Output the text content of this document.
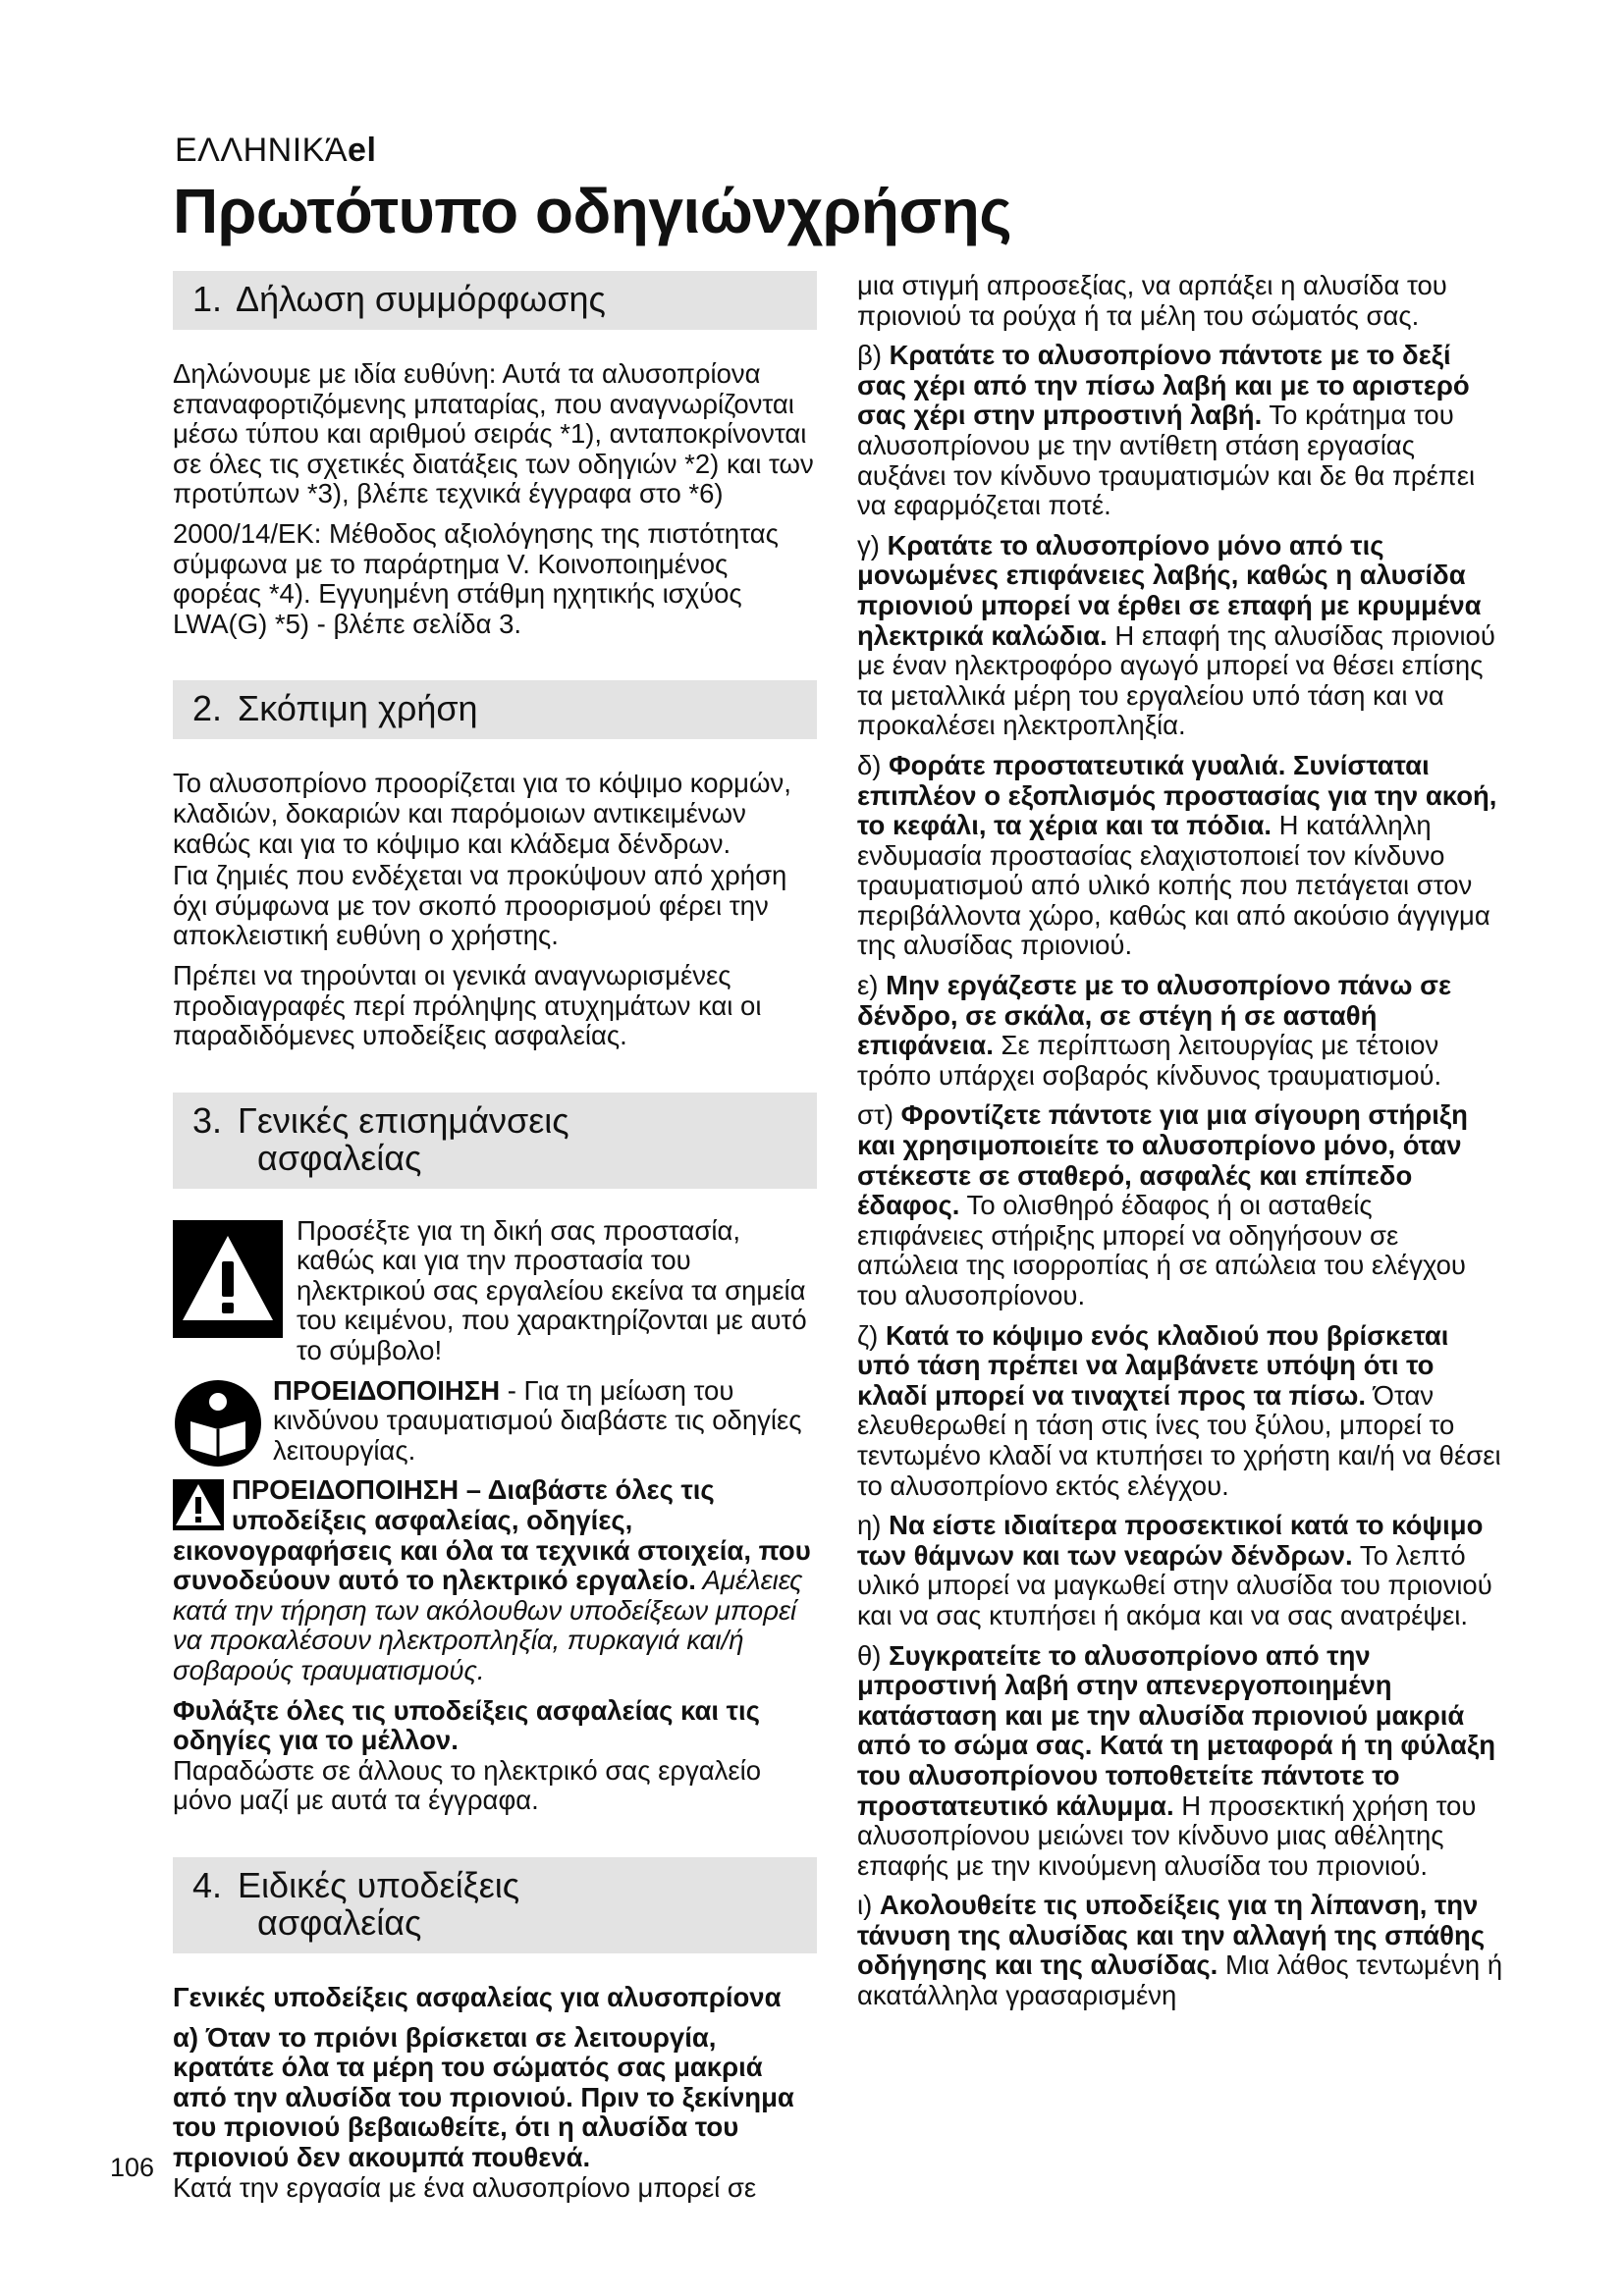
ΕΛΛΗΝΙΚΆel
Πρωτότυπο οδηγιώνχρήσης
1. Δήλωση συμμόρφωσης

Δηλώνουμε με ιδία ευθύνη: Αυτά τα αλυσοπρίονα επαναφορτιζόμενης μπαταρίας, που αναγνωρίζονται μέσω τύπου και αριθμού σειράς *1), ανταποκρίνονται σε όλες τις σχετικές διατάξεις των οδηγιών *2) και των προτύπων *3), βλέπε τεχνικά έγγραφα στο *6)

2000/14/ΕΚ: Μέθοδος αξιολόγησης της πιστότητας σύμφωνα με το παράρτημα V. Κοινοποιημένος φορέας *4). Εγγυημένη στάθμη ηχητικής ισχύος LWA(G) *5) - βλέπε σελίδα 3.

2. Σκόπιμη χρήση

Το αλυσοπρίονο προορίζεται για το κόψιμο κορμών, κλαδιών, δοκαριών και παρόμοιων αντικειμένων καθώς και για το κόψιμο και κλάδεμα δένδρων.

Για ζημιές που ενδέχεται να προκύψουν από χρήση όχι σύμφωνα με τον σκοπό προορισμού φέρει την αποκλειστική ευθύνη ο χρήστης.

Πρέπει να τηρούνται οι γενικά αναγνωρισμένες προδιαγραφές περί πρόληψης ατυχημάτων και οι παραδιδόμενες υποδείξεις ασφαλείας.

3. Γενικές επισημάνσεις
ασφαλείας

Προσέξτε για τη δική σας προστασία, καθώς και για την προστασία του ηλεκτρικού σας εργαλείου εκείνα τα σημεία του κειμένου, που χαρακτηρίζονται με αυτό το σύμβολο!

ΠΡΟΕΙΔΟΠΟΙΗΣΗ - Για τη μείωση του κινδύνου τραυματισμού διαβάστε τις οδηγίες λειτουργίας.

ΠΡΟΕΙΔΟΠΟΙΗΣΗ – Διαβάστε όλες τις υποδείξεις ασφαλείας, οδηγίες, εικονογραφήσεις και όλα τα τεχνικά στοιχεία, που συνοδεύουν αυτό το ηλεκτρικό εργαλείο. Αμέλειες κατά την τήρηση των ακόλουθων υποδείξεων μπορεί να προκαλέσουν ηλεκτροπληξία, πυρκαγιά και/ή σοβαρούς τραυματισμούς.

Φυλάξτε όλες τις υποδείξεις ασφαλείας και τις οδηγίες για το μέλλον.

Παραδώστε σε άλλους το ηλεκτρικό σας εργαλείο μόνο μαζί με αυτά τα έγγραφα.

4. Ειδικές υποδείξεις
ασφαλείας

Γενικές υποδείξεις ασφαλείας για αλυσοπρίονα

α) Όταν το πριόνι βρίσκεται σε λειτουργία, κρατάτε όλα τα μέρη του σώματός σας μακριά από την αλυσίδα του πριονιού. Πριν το ξεκίνημα του πριονιού βεβαιωθείτε, ότι η αλυσίδα του πριονιού δεν ακουμπά πουθενά.

Κατά την εργασία με ένα αλυσοπρίονο μπορεί σε

μια στιγμή απροσεξίας, να αρπάξει η αλυσίδα του πριονιού τα ρούχα ή τα μέλη του σώματός σας.

β) Κρατάτε το αλυσοπρίονο πάντοτε με το δεξί σας χέρι από την πίσω λαβή και με το αριστερό σας χέρι στην μπροστινή λαβή. Το κράτημα του αλυσοπρίονου με την αντίθετη στάση εργασίας αυξάνει τον κίνδυνο τραυματισμών και δε θα πρέπει να εφαρμόζεται ποτέ.

γ) Κρατάτε το αλυσοπρίονο μόνο από τις μονωμένες επιφάνειες λαβής, καθώς η αλυσίδα πριονιού μπορεί να έρθει σε επαφή με κρυμμένα ηλεκτρικά καλώδια. Η επαφή της αλυσίδας πριονιού με έναν ηλεκτροφόρο αγωγό μπορεί να θέσει επίσης τα μεταλλικά μέρη του εργαλείου υπό τάση και να προκαλέσει ηλεκτροπληξία.

δ) Φοράτε προστατευτικά γυαλιά. Συνίσταται επιπλέον ο εξοπλισμός προστασίας για την ακοή, το κεφάλι, τα χέρια και τα πόδια. Η κατάλληλη ενδυμασία προστασίας ελαχιστοποιεί τον κίνδυνο τραυματισμού από υλικό κοπής που πετάγεται στον περιβάλλοντα χώρο, καθώς και από ακούσιο άγγιγμα της αλυσίδας πριονιού.

ε) Μην εργάζεστε με το αλυσοπρίονο πάνω σε δένδρο, σε σκάλα, σε στέγη ή σε ασταθή επιφάνεια. Σε περίπτωση λειτουργίας με τέτοιον τρόπο υπάρχει σοβαρός κίνδυνος τραυματισμού.

στ) Φροντίζετε πάντοτε για μια σίγουρη στήριξη και χρησιμοποιείτε το αλυσοπρίονο μόνο, όταν στέκεστε σε σταθερό, ασφαλές και επίπεδο έδαφος. Το ολισθηρό έδαφος ή οι ασταθείς επιφάνειες στήριξης μπορεί να οδηγήσουν σε απώλεια της ισορροπίας ή σε απώλεια του ελέγχου του αλυσοπρίονου.

ζ) Κατά το κόψιμο ενός κλαδιού που βρίσκεται υπό τάση πρέπει να λαμβάνετε υπόψη ότι το κλαδί μπορεί να τιναχτεί προς τα πίσω. Όταν ελευθερωθεί η τάση στις ίνες του ξύλου, μπορεί το τεντωμένο κλαδί να κτυπήσει το χρήστη και/ή να θέσει το αλυσοπρίονο εκτός ελέγχου.

η) Να είστε ιδιαίτερα προσεκτικοί κατά το κόψιμο των θάμνων και των νεαρών δένδρων. Το λεπτό υλικό μπορεί να μαγκωθεί στην αλυσίδα του πριονιού και να σας κτυπήσει ή ακόμα και να σας ανατρέψει.

θ) Συγκρατείτε το αλυσοπρίονο από την μπροστινή λαβή στην απενεργοποιημένη κατάσταση και με την αλυσίδα πριονιού μακριά από το σώμα σας. Κατά τη μεταφορά ή τη φύλαξη του αλυσοπρίονου τοποθετείτε πάντοτε το προστατευτικό κάλυμμα. Η προσεκτική χρήση του αλυσοπρίονου μειώνει τον κίνδυνο μιας αθέλητης επαφής με την κινούμενη αλυσίδα του πριονιού.

ι) Ακολουθείτε τις υποδείξεις για τη λίπανση, την τάνυση της αλυσίδας και την αλλαγή της σπάθης οδήγησης και της αλυσίδας. Μια λάθος τεντωμένη ή ακατάλληλα γρασαρισμένη

106
